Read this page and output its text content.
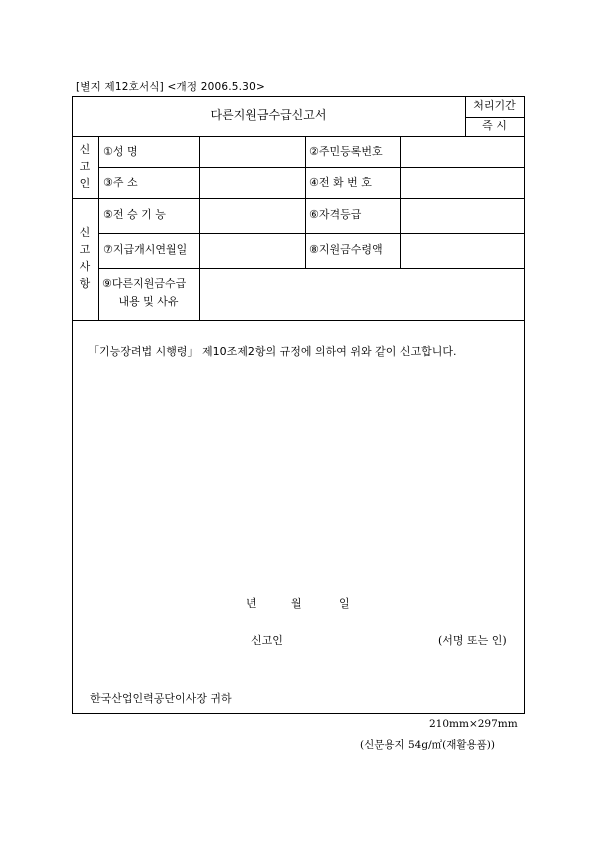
[별지 제12호서식] <개정 2006.5.30>
다른지원금수급신고서
처리기간
즉 시
신
고
인
①성 명	②주민등록번호
③주 소	④전 화 번 호
신
고
사
항
⑤전 승 기 능	⑥자격등급
⑦지급개시연월일	⑧지원금수령액
⑨다른지원금수급
내용 및 사유
「기능장려법 시행령」 제10조제2항의 규정에 의하여 위와 같이 신고합니다.
년	월	일
신고인	(서명 또는 인)
한국산업인력공단이사장 귀하
210mm×297mm
(신문용지 54g/㎡(재활용품))
